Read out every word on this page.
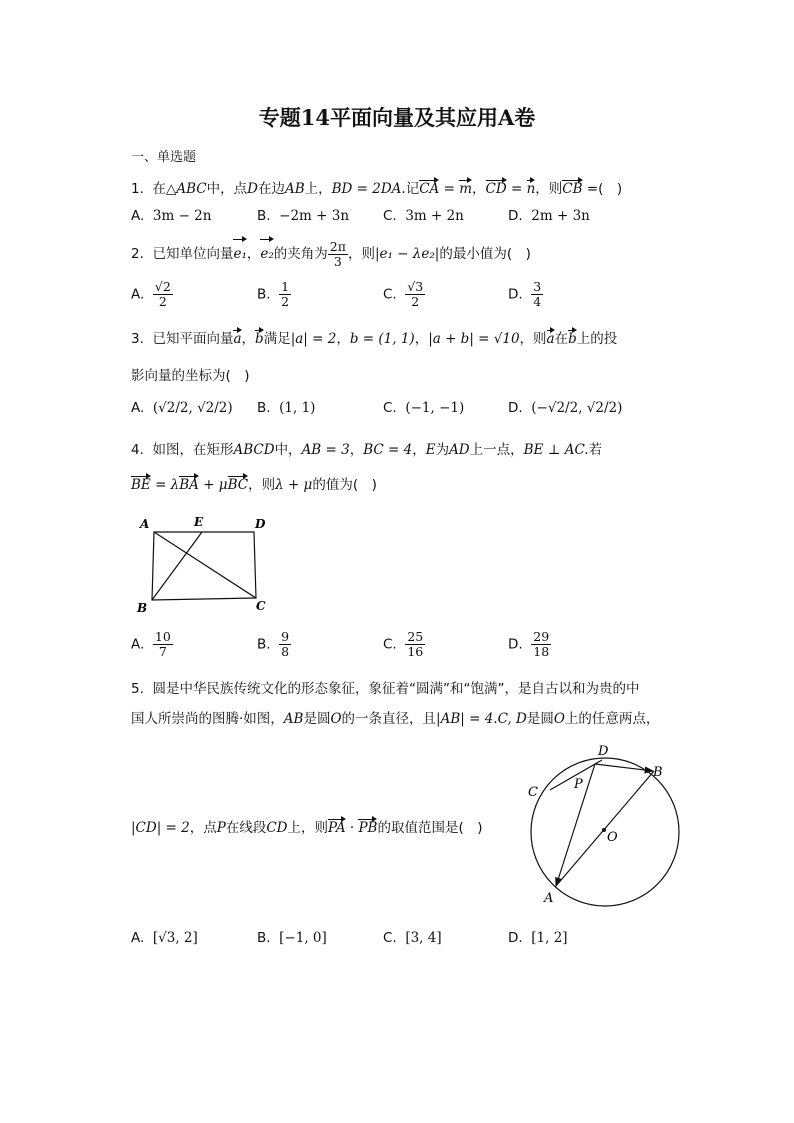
专题14平面向量及其应用A卷
一、单选题
1. 在△ABC中，点D在边AB上，BD = 2DA.记CA = m，CD = n，则CB =(　)
A. 3m − 2n	B. −2m + 3n	C. 3m + 2n	D. 2m + 3n
2. 已知单位向量e₁，e₂的夹角为 $\frac{2\pi}{3}$ ，则|e₁ − λe₂|的最小值为(　)
A. $\frac{√2}{2}$	B. $\frac{1}{2}$	C. $\frac{√3}{2}$	D. $\frac{3}{4}$
3. 已知平面向量a，b满足|a| = 2，b = (1, 1)，|a + b| = √10，则a在b上的投
影向量的坐标为(　)
A. (√2/2, √2/2) B. (1, 1)	C. (−1, −1)	D. (−√2/2, √2/2)
4. 如图，在矩形ABCD中，AB = 3，BC = 4，E为AD上一点，BE ⊥ AC.若
BE = λBA + μBC，则λ + μ的值为(　)
A	E	D
B	C
A. $\frac{10}{7}$	B. $\frac{9}{8}$	C. $\frac{25}{16}$	D. $\frac{29}{18}$
5. 圆是中华民族传统文化的形态象征，象征着“圆满”和“饱满”，是自古以和为贵的中
国人所崇尚的图腾·如图，AB是圆O的一条直径，且|AB| = 4.C, D是圆O上的任意两点，
|CD| = 2，点P在线段CD上，则PA · PB的取值范围是(　)
D
B
C
P
O
A
A. [√3, 2]	B. [−1, 0]	C. [3, 4]	D. [1, 2]
